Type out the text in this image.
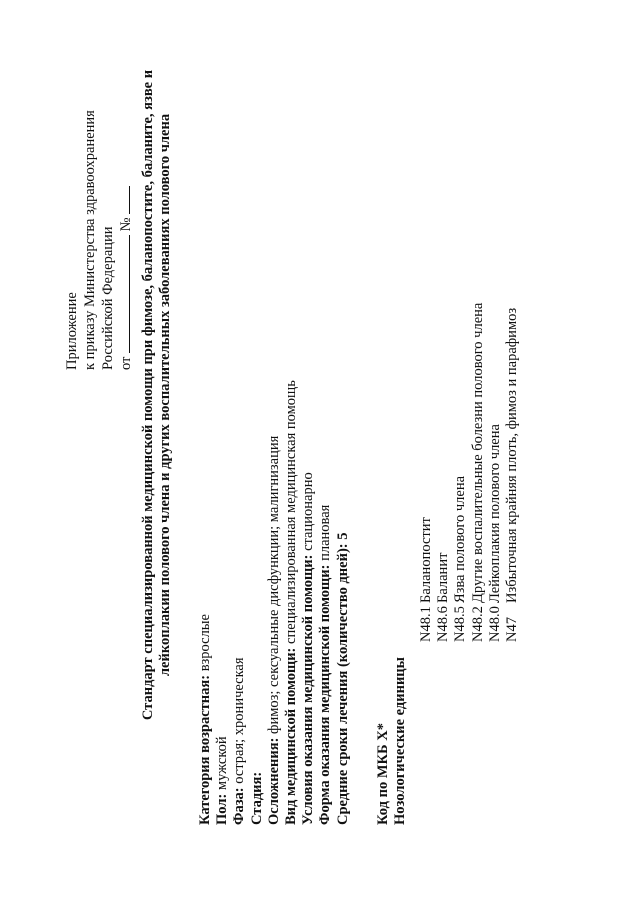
Приложение к приказу Министерства здравоохранения Российской Федерации от  № Стандарт специализированной медицинской помощи при фимозе, баланопостите, баланите, язве и лейкоплакии полового члена и других воспалительных заболеваниях полового члена
Категория возрастная: взрослые
Пол: мужской
Фаза: острая; хроническая
Стадия: Осложнения: фимоз; сексуальные дисфункции; малигнизация Вид медицинской помощи: специализированная медицинская помощь
Условия оказания медицинской помощи: стационарно
Форма оказания медицинской помощи: плановая Средние сроки лечения (количество дней): 5 Код по МКБ X* Нозологические единицы
N48.1
Баланопостит
N48.6
Баланит
N48.5
Язва полового члена
N48.2
Другие воспалительные болезни полового члена
N48.0
Лейкоплакия полового члена
N47
Избыточная крайняя плоть, фимоз и парафимоз
